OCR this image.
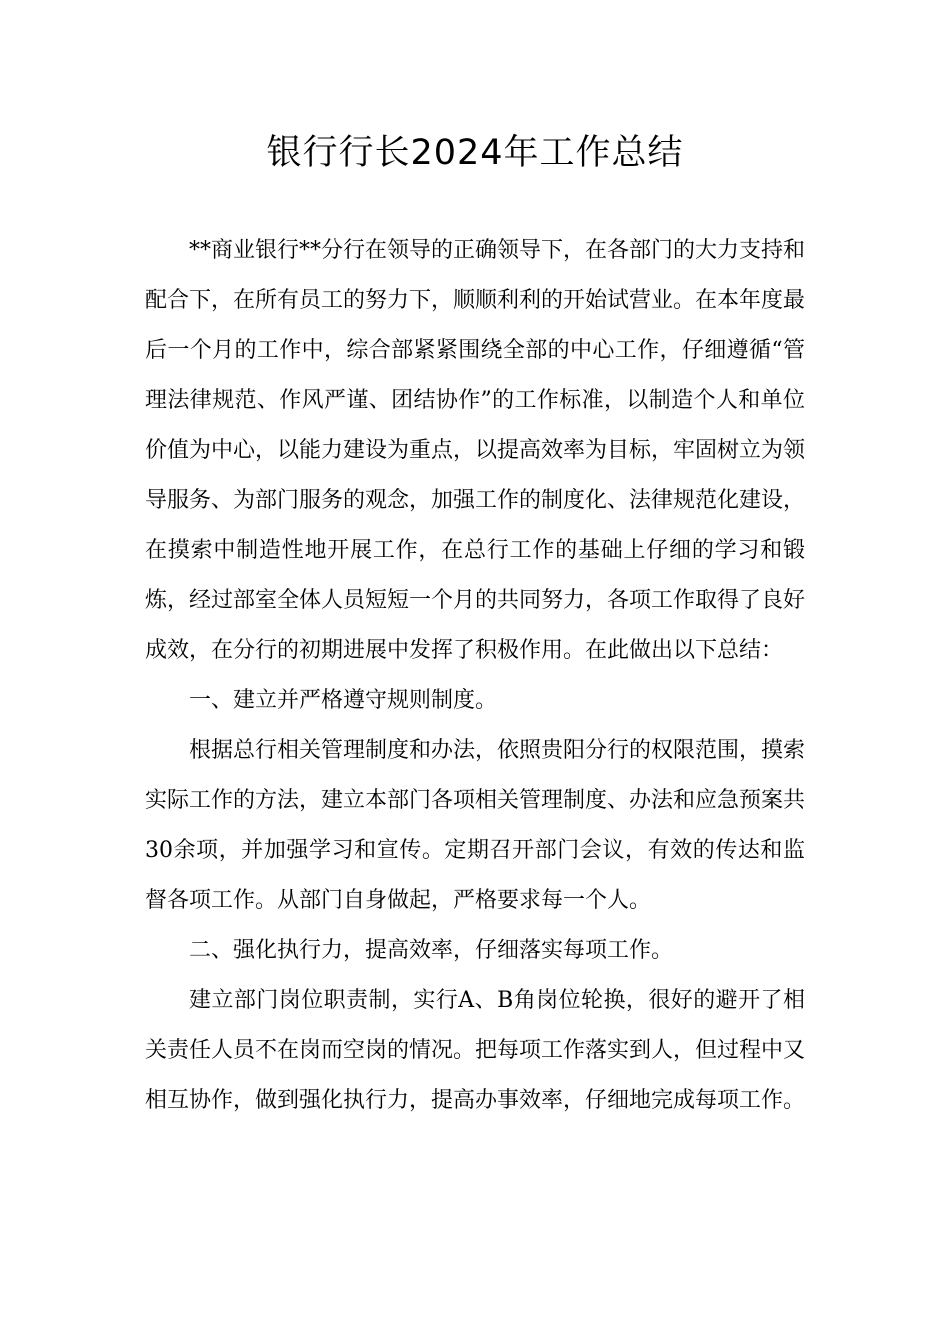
银行行长2024年工作总结

**商业银行**分行在领导的正确领导下，在各部门的大力支持和配合下，在所有员工的努力下，顺顺利利的开始试营业。在本年度最后一个月的工作中，综合部紧紧围绕全部的中心工作，仔细遵循“管理法律规范、作风严谨、团结协作”的工作标准，以制造个人和单位价值为中心，以能力建设为重点，以提高效率为目标，牢固树立为领导服务、为部门服务的观念，加强工作的制度化、法律规范化建设，在摸索中制造性地开展工作，在总行工作的基础上仔细的学习和锻炼，经过部室全体人员短短一个月的共同努力，各项工作取得了良好成效，在分行的初期进展中发挥了积极作用。在此做出以下总结：

一、建立并严格遵守规则制度。

根据总行相关管理制度和办法，依照贵阳分行的权限范围，摸索实际工作的方法，建立本部门各项相关管理制度、办法和应急预案共30余项，并加强学习和宣传。定期召开部门会议，有效的传达和监督各项工作。从部门自身做起，严格要求每一个人。

二、强化执行力，提高效率，仔细落实每项工作。

建立部门岗位职责制，实行A、B角岗位轮换，很好的避开了相关责任人员不在岗而空岗的情况。把每项工作落实到人，但过程中又相互协作，做到强化执行力，提高办事效率，仔细地完成每项工作。
